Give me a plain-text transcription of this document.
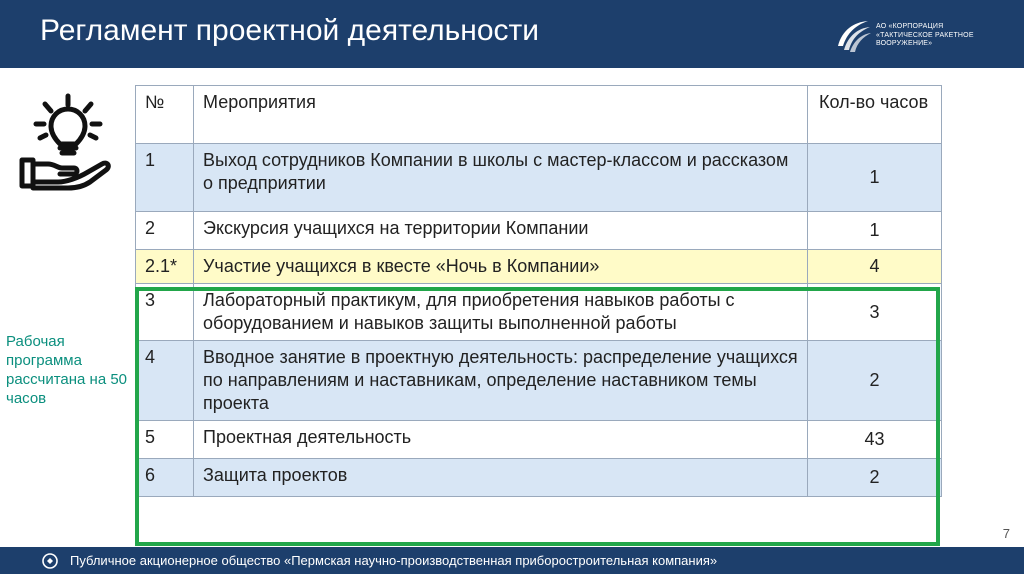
Регламент проектной деятельности	АО «КОРПОРАЦИЯ
«ТАКТИЧЕСКОЕ РАКЕТНОЕ
ВООРУЖЕНИЕ»
Рабочая программа рассчитана на 50 часов
№	Мероприятия	Кол-во часов
1	Выход сотрудников Компании в школы с мастер-классом и рассказом о предприятии	1
2	Экскурсия учащихся на территории Компании	1
2.1*	Участие учащихся в квесте «Ночь в Компании»	4
3	Лабораторный практикум, для приобретения навыков работы с оборудованием и навыков защиты выполненной работы	3
4	Вводное занятие в проектную деятельность: распределение учащихся по направлениям и наставникам, определение наставником темы проекта	2
5	Проектная деятельность	43
6	Защита проектов	2
7
Публичное акционерное общество «Пермская научно-производственная приборостроительная компания»
